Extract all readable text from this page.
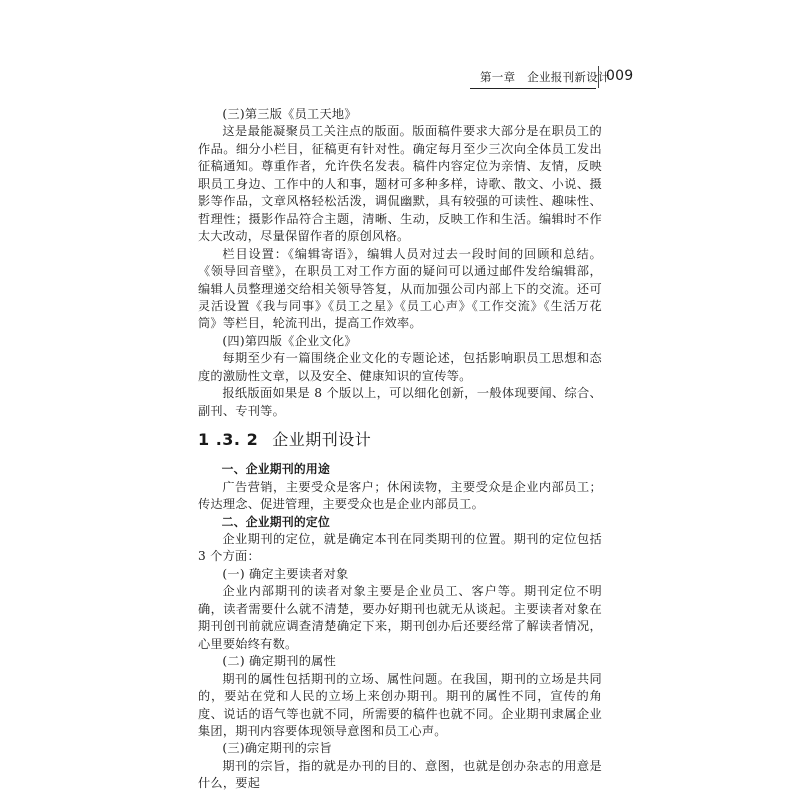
第一章　企业报刊新设计
009

(三)第三版《员工天地》

这是最能凝聚员工关注点的版面。版面稿件要求大部分是在职员工的作品。细分小栏目，征稿更有针对性。确定每月至少三次向全体员工发出征稿通知。尊重作者，允许佚名发表。稿件内容定位为亲情、友情，反映职员工身边、工作中的人和事，题材可多种多样，诗歌、散文、小说、摄影等作品，文章风格轻松活泼，调侃幽默，具有较强的可读性、趣味性、哲理性；摄影作品符合主题，清晰、生动，反映工作和生活。编辑时不作太大改动，尽量保留作者的原创风格。

栏目设置：《编辑寄语》，编辑人员对过去一段时间的回顾和总结。《领导回音壁》，在职员工对工作方面的疑问可以通过邮件发给编辑部，编辑人员整理递交给相关领导答复，从而加强公司内部上下的交流。还可灵活设置《我与同事》《员工之星》《员工心声》《工作交流》《生活万花筒》等栏目，轮流刊出，提高工作效率。

(四)第四版《企业文化》

每期至少有一篇围绕企业文化的专题论述，包括影响职员工思想和态度的激励性文章，以及安全、健康知识的宣传等。

报纸版面如果是 8 个版以上，可以细化创新，一般体现要闻、综合、副刊、专刊等。

1 .3. 2 企业期刊设计

一、企业期刊的用途

广告营销，主要受众是客户；休闲读物，主要受众是企业内部员工；传达理念、促进管理，主要受众也是企业内部员工。

二、企业期刊的定位

企业期刊的定位，就是确定本刊在同类期刊的位置。期刊的定位包括 3 个方面：

(一) 确定主要读者对象

企业内部期刊的读者对象主要是企业员工、客户等。期刊定位不明确，读者需要什么就不清楚，要办好期刊也就无从谈起。主要读者对象在期刊创刊前就应调查清楚确定下来，期刊创办后还要经常了解读者情况，心里要始终有数。

(二) 确定期刊的属性

期刊的属性包括期刊的立场、属性问题。在我国，期刊的立场是共同的，要站在党和人民的立场上来创办期刊。期刊的属性不同，宣传的角度、说话的语气等也就不同，所需要的稿件也就不同。企业期刊隶属企业集团，期刊内容要体现领导意图和员工心声。

(三)确定期刊的宗旨

期刊的宗旨，指的就是办刊的目的、意图，也就是创办杂志的用意是什么，要起
